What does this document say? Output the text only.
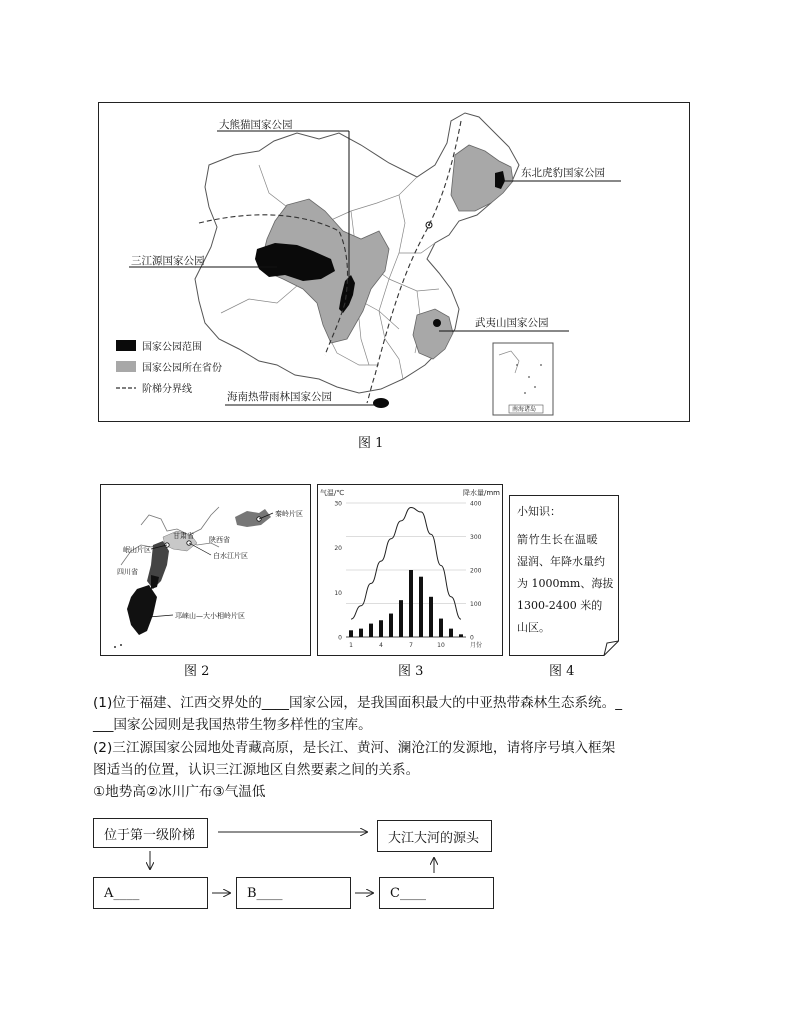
南海诸岛
大熊猫国家公园
东北虎豹国家公园
三江源国家公园
武夷山国家公园
海南热带雨林国家公园
国家公园范围
国家公园所在省份
阶梯分界线
图 1
秦岭片区
甘肃省 陕西省
岷山片区
白水江片区
四川省
邛崃山—大小相岭片区
图 2
0
100
200
300
400
0
10
20
30
1	4	7	10	月份
气温/℃	降水量/mm
图 3
小知识：
箭竹生长在温暖
湿润、年降水量约
为 1000mm、海拔
1300-2400 米的
山区。
图 4
(1)位于福建、江西交界处的____国家公园，是我国面积最大的中亚热带森林生态系统。_
___国家公园则是我国热带生物多样性的宝库。
(2)三江源国家公园地处青藏高原，是长江、黄河、澜沧江的发源地，请将序号填入框架
图适当的位置，认识三江源地区自然要素之间的关系。
①地势高②冰川广布③气温低
位于第一级阶梯	大江大河的源头
A____	B____	C____
